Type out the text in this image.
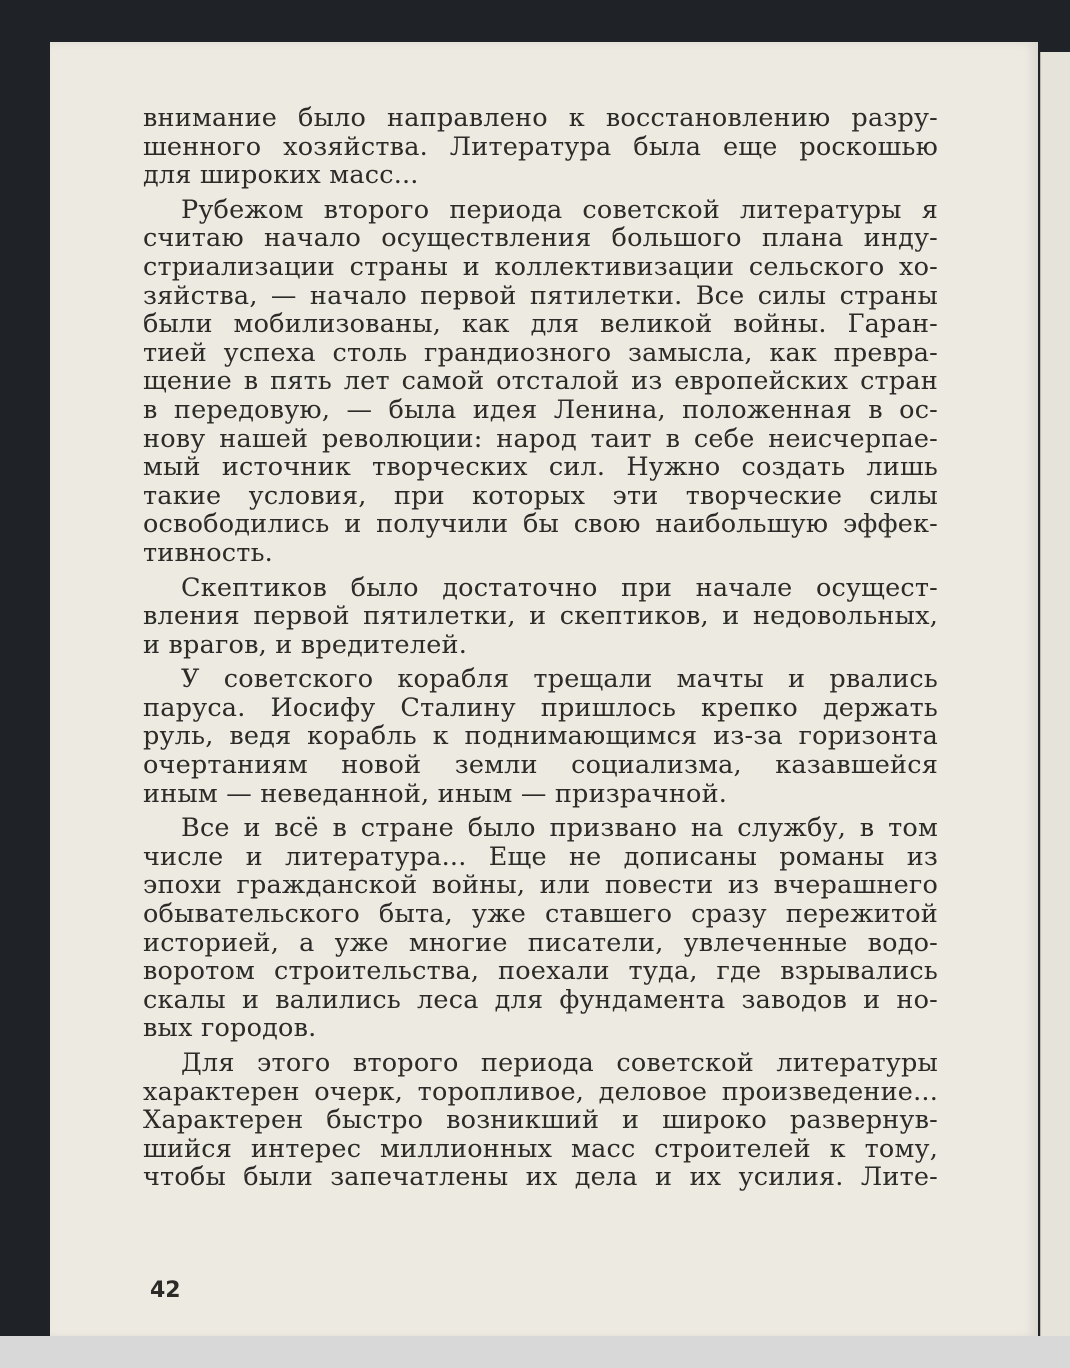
внимание было направлено к восстановлению разру-
шенного хозяйства. Литература была еще роскошью
для широких масс...
Рубежом второго периода советской литературы я
считаю начало осуществления большого плана инду-
стриализации страны и коллективизации сельского хо-
зяйства, — начало первой пятилетки. Все силы страны
были мобилизованы, как для великой войны. Гаран-
тией успеха столь грандиозного замысла, как превра-
щение в пять лет самой отсталой из европейских стран
в передовую, — была идея Ленина, положенная в ос-
нову нашей революции: народ таит в себе неисчерпае-
мый источник творческих сил. Нужно создать лишь
такие условия, при которых эти творческие силы
освободились и получили бы свою наибольшую эффек-
тивность.
Скептиков было достаточно при начале осущест-
вления первой пятилетки, и скептиков, и недовольных,
и врагов, и вредителей.
У советского корабля трещали мачты и рвались
паруса. Иосифу Сталину пришлось крепко держать
руль, ведя корабль к поднимающимся из-за горизонта
очертаниям новой земли социализма, казавшейся
иным — неведанной, иным — призрачной.
Все и всё в стране было призвано на службу, в том
числе и литература... Еще не дописаны романы из
эпохи гражданской войны, или повести из вчерашнего
обывательского быта, уже ставшего сразу пережитой
историей, а уже многие писатели, увлеченные водо-
воротом строительства, поехали туда, где взрывались
скалы и валились леса для фундамента заводов и но-
вых городов.
Для этого второго периода советской литературы
характерен очерк, торопливое, деловое произведение...
Характерен быстро возникший и широко развернув-
шийся интерес миллионных масс строителей к тому,
чтобы были запечатлены их дела и их усилия. Лите-
42
